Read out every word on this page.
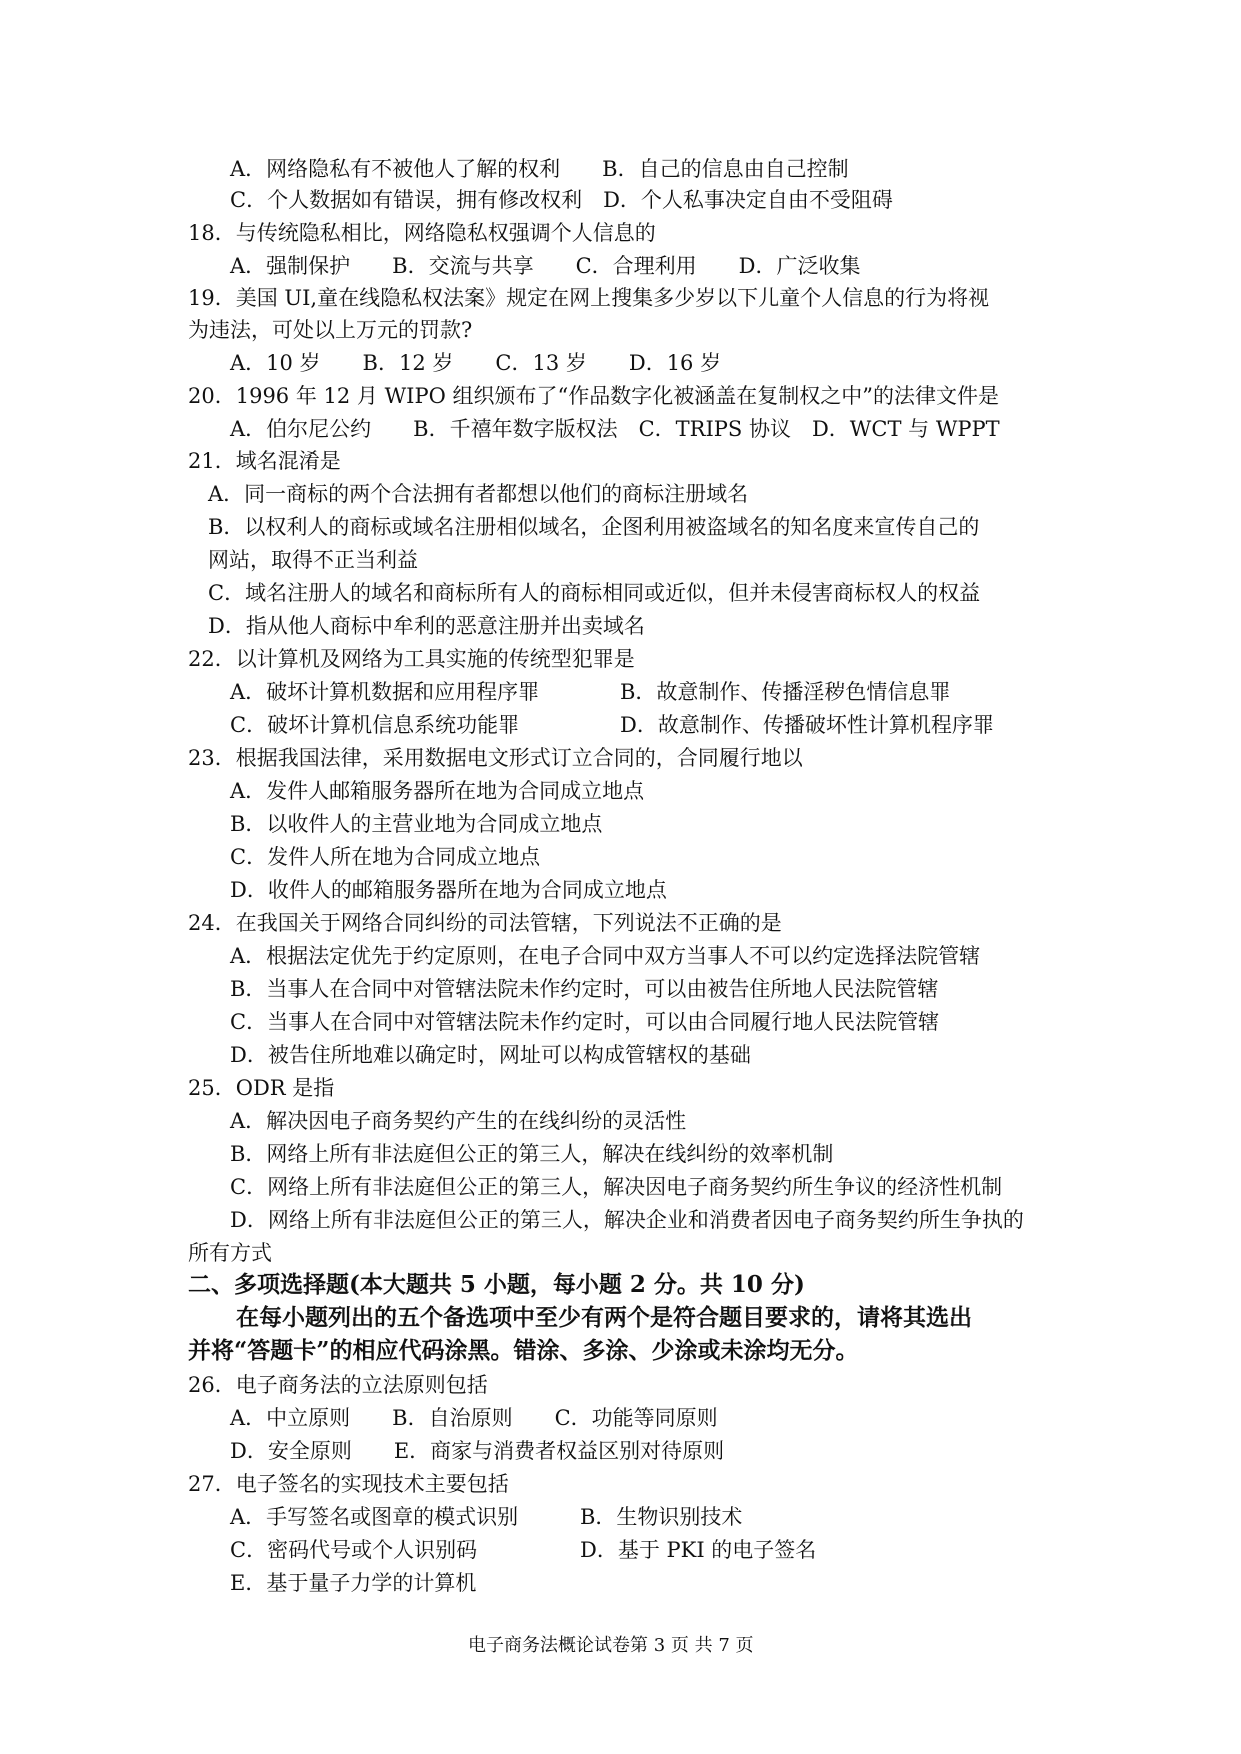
A．网络隐私有不被他人了解的权利　　B．自己的信息由自己控制
C．个人数据如有错误，拥有修改权利　D．个人私事决定自由不受阻碍
18．与传统隐私相比，网络隐私权强调个人信息的
A．强制保护　　B．交流与共享　　C．合理利用　　D．广泛收集
19．美国 UI,童在线隐私权法案》规定在网上搜集多少岁以下儿童个人信息的行为将视
为违法，可处以上万元的罚款?
A．10 岁　　B．12 岁　　C．13 岁　　D．16 岁
20．1996 年 12 月 WIPO 组织颁布了“作品数字化被涵盖在复制权之中”的法律文件是
A．伯尔尼公约　　B．千禧年数字版权法　C．TRIPS 协议　D．WCT 与 WPPT
21．域名混淆是
A．同一商标的两个合法拥有者都想以他们的商标注册域名
B．以权利人的商标或域名注册相似域名，企图利用被盗域名的知名度来宣传自己的
网站，取得不正当利益
C．域名注册人的域名和商标所有人的商标相同或近似，但并未侵害商标权人的权益
D．指从他人商标中牟利的恶意注册并出卖域名
22．以计算机及网络为工具实施的传统型犯罪是
A．破坏计算机数据和应用程序罪	B．故意制作、传播淫秽色情信息罪
C．破坏计算机信息系统功能罪	D．故意制作、传播破坏性计算机程序罪
23．根据我国法律，采用数据电文形式订立合同的，合同履行地以
A．发件人邮箱服务器所在地为合同成立地点
B．以收件人的主营业地为合同成立地点
C．发件人所在地为合同成立地点
D．收件人的邮箱服务器所在地为合同成立地点
24．在我国关于网络合同纠纷的司法管辖，下列说法不正确的是
A．根据法定优先于约定原则，在电子合同中双方当事人不可以约定选择法院管辖
B．当事人在合同中对管辖法院未作约定时，可以由被告住所地人民法院管辖
C．当事人在合同中对管辖法院未作约定时，可以由合同履行地人民法院管辖
D．被告住所地难以确定时，网址可以构成管辖权的基础
25．ODR 是指
A．解决因电子商务契约产生的在线纠纷的灵活性
B．网络上所有非法庭但公正的第三人，解决在线纠纷的效率机制
C．网络上所有非法庭但公正的第三人，解决因电子商务契约所生争议的经济性机制
D．网络上所有非法庭但公正的第三人，解决企业和消费者因电子商务契约所生争执的
所有方式
二、多项选择题(本大题共 5 小题，每小题 2 分。共 10 分)
在每小题列出的五个备选项中至少有两个是符合题目要求的，请将其选出
并将“答题卡”的相应代码涂黑。错涂、多涂、少涂或未涂均无分。
26．电子商务法的立法原则包括
A．中立原则　　B．自治原则　　C．功能等同原则
D．安全原则　　E．商家与消费者权益区别对待原则
27．电子签名的实现技术主要包括
A．手写签名或图章的模式识别	B．生物识别技术
C．密码代号或个人识别码	D．基于 PKI 的电子签名
E．基于量子力学的计算机
电子商务法概论试卷第 3 页 共 7 页
